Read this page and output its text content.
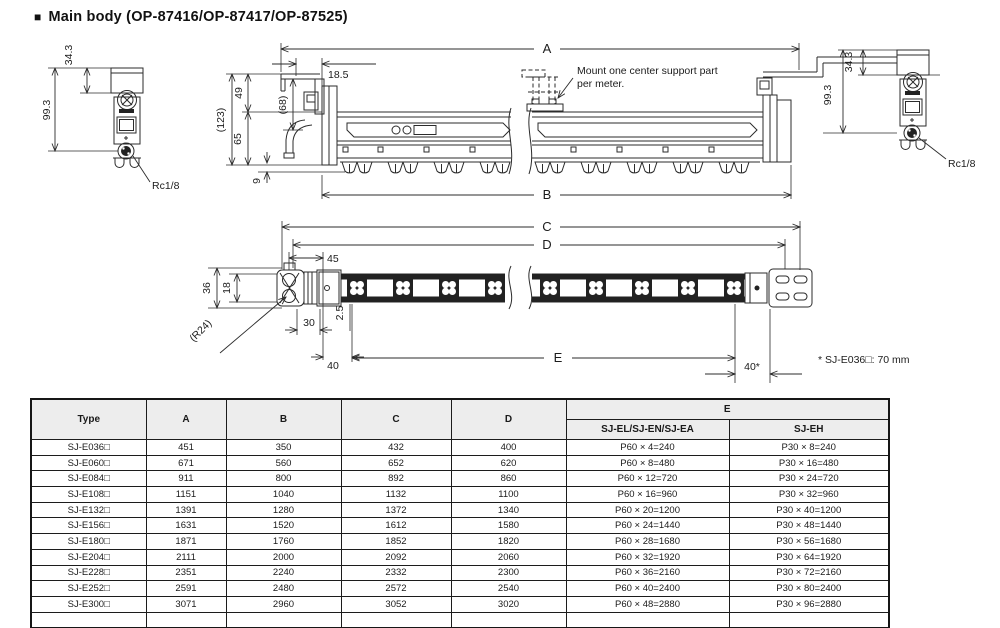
■ Main body (OP-87416/OP-87417/OP-87525)
99.3
34.3
Rc1/8
99.3
34.3
Rc1/8
A
18.5	Mount one center support part
per meter.
(123)
49
65
9
(68)
B
C
D
45
36 18
(R24)	30
2.5
40
E
40*
* SJ-E036□: 70 mm
Type	A	B	C	D	E	
					SJ-EL/SJ-EN/SJ-EA	SJ-EH
SJ-E036□	451	350	432	400	P60 × 4=240	P30 × 8=240
SJ-E060□	671	560	652	620	P60 × 8=480	P30 × 16=480
SJ-E084□	911	800	892	860	P60 × 12=720	P30 × 24=720
SJ-E108□	1151	1040	1132	1100	P60 × 16=960	P30 × 32=960
SJ-E132□	1391	1280	1372	1340	P60 × 20=1200	P30 × 40=1200
SJ-E156□	1631	1520	1612	1580	P60 × 24=1440	P30 × 48=1440
SJ-E180□	1871	1760	1852	1820	P60 × 28=1680	P30 × 56=1680
SJ-E204□	2111	2000	2092	2060	P60 × 32=1920	P30 × 64=1920
SJ-E228□	2351	2240	2332	2300	P60 × 36=2160	P30 × 72=2160
SJ-E252□	2591	2480	2572	2540	P60 × 40=2400	P30 × 80=2400
SJ-E300□	3071	2960	3052	3020	P60 × 48=2880	P30 × 96=2880
